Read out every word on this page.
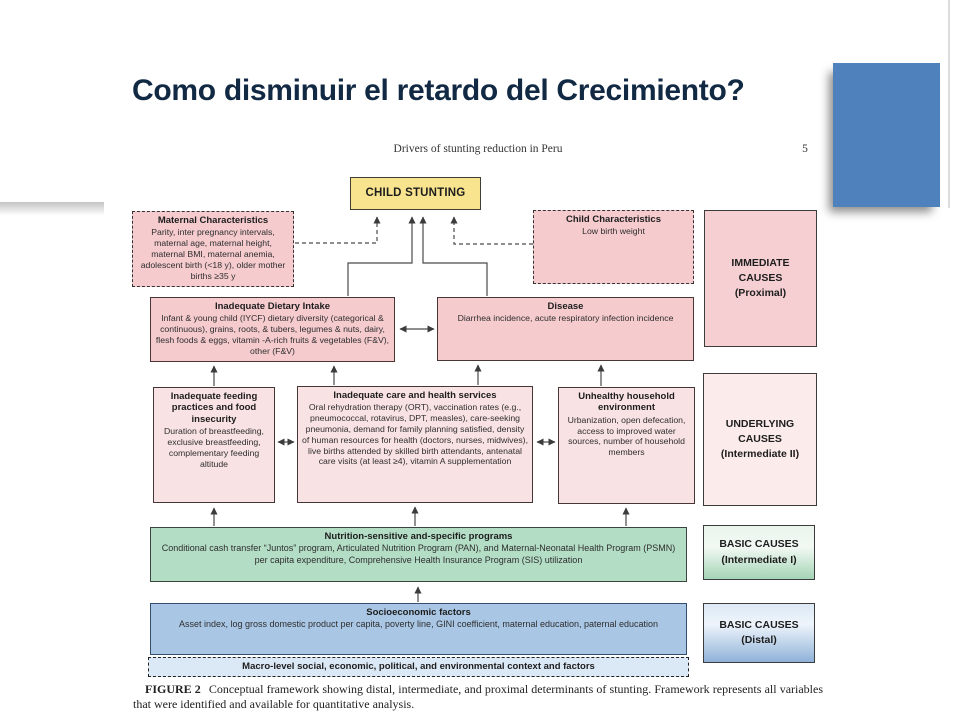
Como disminuir el retardo del Crecimiento?
Drivers of stunting reduction in Peru	5
CHILD STUNTING
Maternal Characteristics
Parity, inter pregnancy intervals, maternal age, maternal height, maternal BMI, maternal anemia, adolescent birth (<18 y), older mother births ≥35 y
Child Characteristics
Low birth weight
IMMEDIATE CAUSES
(Proximal)
Inadequate Dietary Intake
Infant & young child (IYCF) dietary diversity (categorical & continuous), grains, roots, & tubers, legumes & nuts, dairy, flesh foods & eggs, vitamin -A-rich fruits & vegetables (F&V), other (F&V)
Disease
Diarrhea incidence, acute respiratory infection incidence
Inadequate feeding practices and food insecurity
Duration of breastfeeding, exclusive breastfeeding, complementary feeding altitude
Inadequate care and health services
Oral rehydration therapy (ORT), vaccination rates (e.g., pneumococcal, rotavirus, DPT, measles), care-seeking pneumonia, demand for family planning satisfied, density of human resources for health (doctors, nurses, midwives), live births attended by skilled birth attendants, antenatal care visits (at least ≥4), vitamin A supplementation
Unhealthy household environment
Urbanization, open defecation, access to improved water sources, number of household members
UNDERLYING CAUSES
(Intermediate II)
Nutrition-sensitive and-specific programs
Conditional cash transfer “Juntos” program, Articulated Nutrition Program (PAN), and Maternal-Neonatal Health Program (PSMN) per capita expenditure, Comprehensive Health Insurance Program (SIS) utilization
BASIC CAUSES
(Intermediate I)
Socioeconomic factors
Asset index, log gross domestic product per capita, poverty line, GINI coefficient, maternal education, paternal education
Macro-level social, economic, political, and environmental context and factors
BASIC CAUSES
(Distal)
FIGURE 2 Conceptual framework showing distal, intermediate, and proximal determinants of stunting. Framework represents all variables that were identified and available for quantitative analysis.
